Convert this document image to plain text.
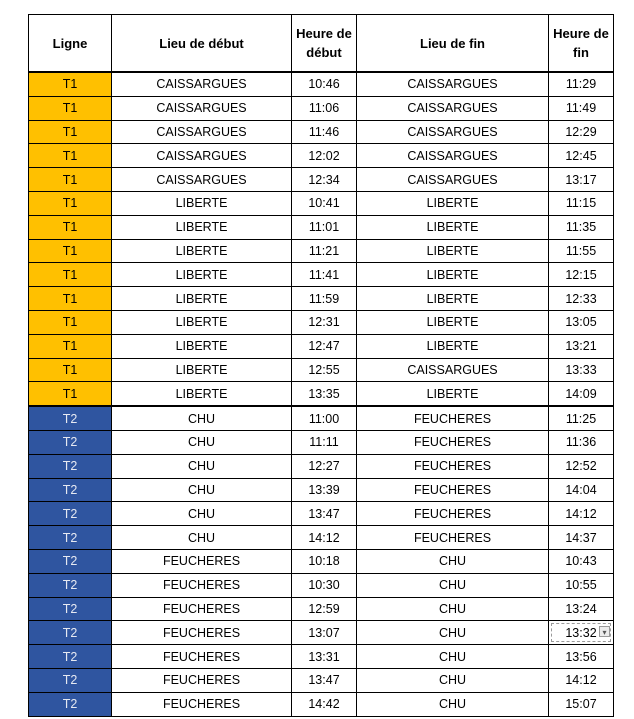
Ligne	Lieu de début	Heure de début	Lieu de fin	Heure de fin
T1	CAISSARGUES	10:46	CAISSARGUES	11:29
T1	CAISSARGUES	11:06	CAISSARGUES	11:49
T1	CAISSARGUES	11:46	CAISSARGUES	12:29
T1	CAISSARGUES	12:02	CAISSARGUES	12:45
T1	CAISSARGUES	12:34	CAISSARGUES	13:17
T1	LIBERTE	10:41	LIBERTE	11:15
T1	LIBERTE	11:01	LIBERTE	11:35
T1	LIBERTE	11:21	LIBERTE	11:55
T1	LIBERTE	11:41	LIBERTE	12:15
T1	LIBERTE	11:59	LIBERTE	12:33
T1	LIBERTE	12:31	LIBERTE	13:05
T1	LIBERTE	12:47	LIBERTE	13:21
T1	LIBERTE	12:55	CAISSARGUES	13:33
T1	LIBERTE	13:35	LIBERTE	14:09
T2	CHU	11:00	FEUCHERES	11:25
T2	CHU	11:11	FEUCHERES	11:36
T2	CHU	12:27	FEUCHERES	12:52
T2	CHU	13:39	FEUCHERES	14:04
T2	CHU	13:47	FEUCHERES	14:12
T2	CHU	14:12	FEUCHERES	14:37
T2	FEUCHERES	10:18	CHU	10:43
T2	FEUCHERES	10:30	CHU	10:55
T2	FEUCHERES	12:59	CHU	13:24
T2	FEUCHERES	13:07	CHU	13:32 ▾

T2	FEUCHERES	13:31	CHU	13:56
T2	FEUCHERES	13:47	CHU	14:12
T2	FEUCHERES	14:42	CHU	15:07
